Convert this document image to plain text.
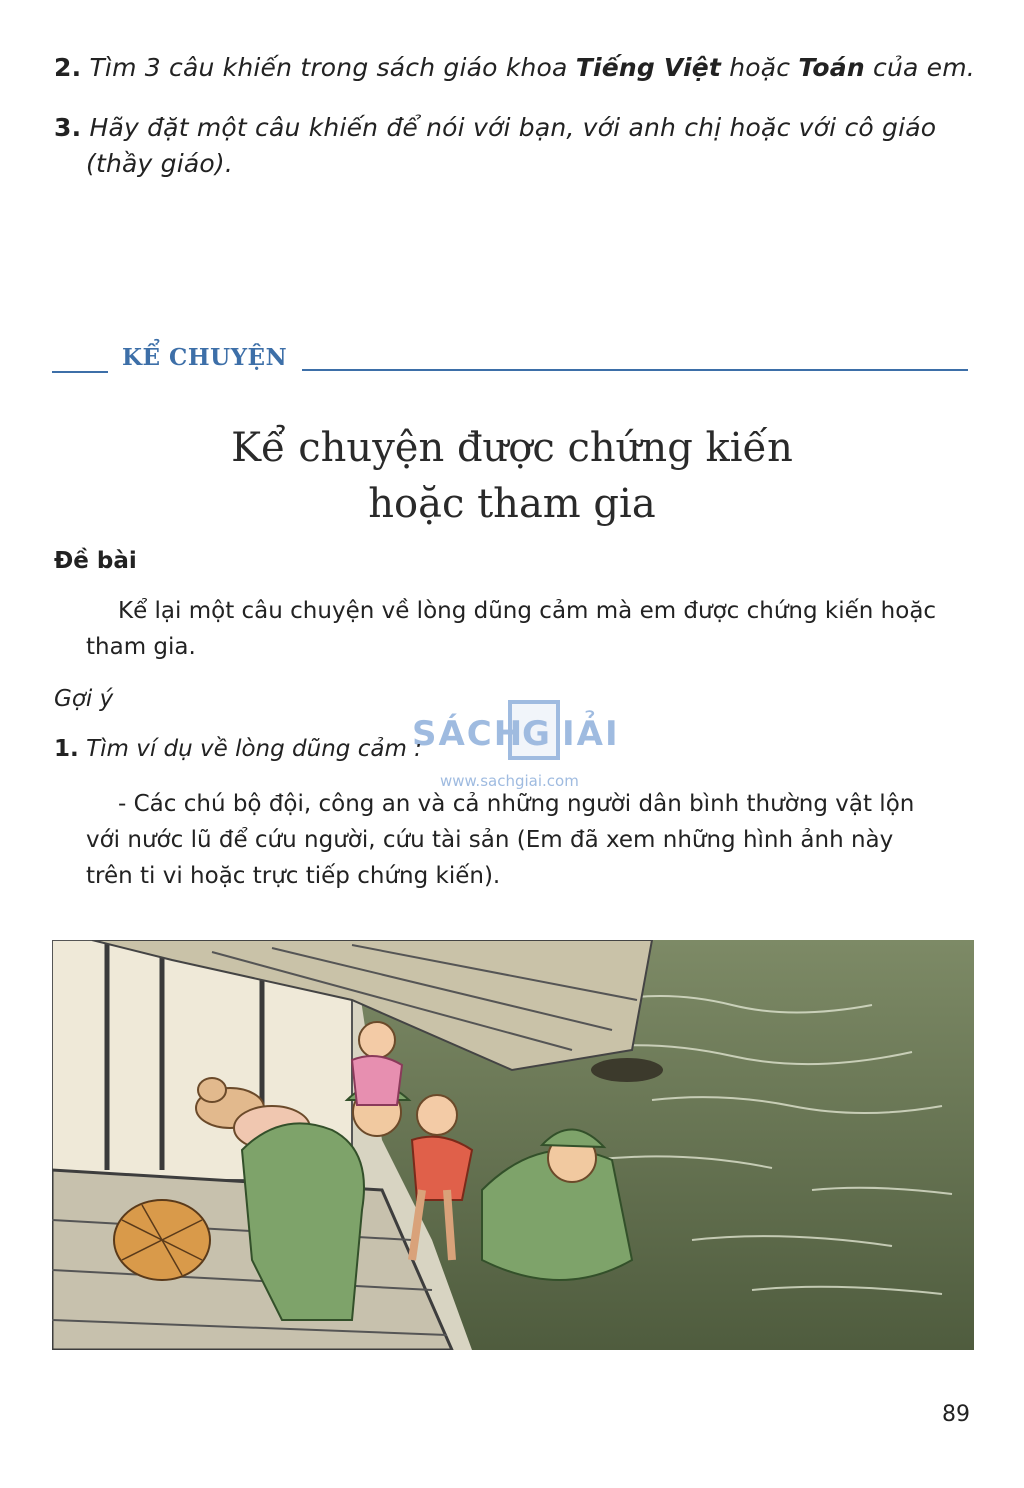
2. Tìm 3 câu khiến trong sách giáo khoa Tiếng Việt hoặc Toán của em.
3. Hãy đặt một câu khiến để nói với bạn, với anh chị hoặc với cô giáo
(thầy giáo).
KỂ CHUYỆN
Kể chuyện được chứng kiến
hoặc tham gia
Đề bài
Kể lại một câu chuyện về lòng dũng cảm mà em được chứng kiến hoặc
tham gia.
Gợi ý
SÁCH
G IẢI
www.sachgiai.com
1. Tìm ví dụ về lòng dũng cảm :
- Các chú bộ đội, công an và cả những người dân bình thường vật lộn
với nước lũ để cứu người, cứu tài sản (Em đã xem những hình ảnh này
trên ti vi hoặc trực tiếp chứng kiến).
89
